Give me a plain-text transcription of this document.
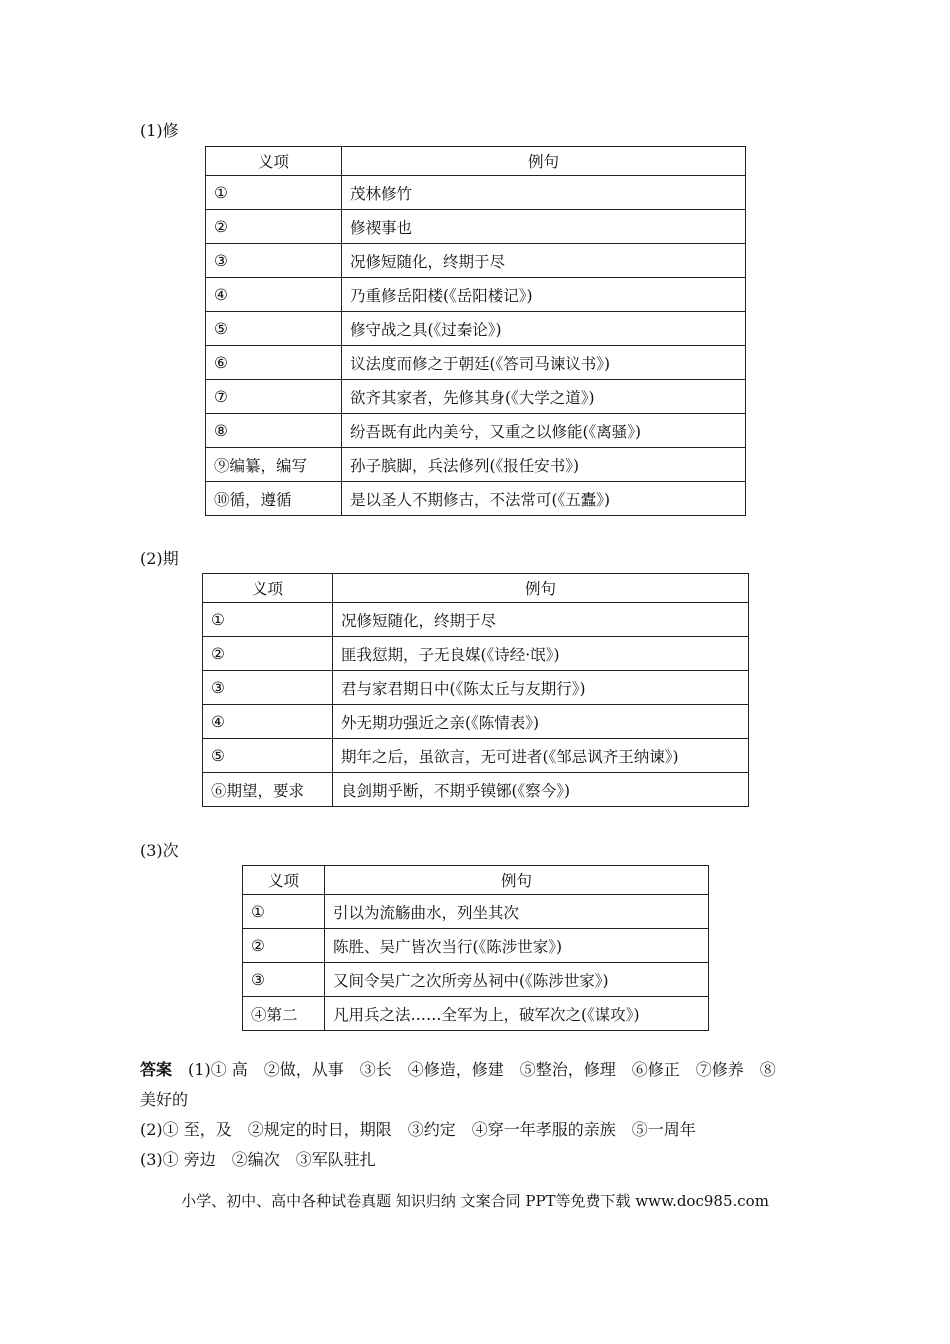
(1)修
义项	例句
①	茂林修竹
②	修禊事也
③	况修短随化，终期于尽
④	乃重修岳阳楼(《岳阳楼记》)
⑤	修守战之具(《过秦论》)
⑥	议法度而修之于朝廷(《答司马谏议书》)
⑦	欲齐其家者，先修其身(《大学之道》)
⑧	纷吾既有此内美兮，又重之以修能(《离骚》)
⑨编纂，编写	孙子膑脚，兵法修列(《报任安书》)
⑩循，遵循	是以圣人不期修古，不法常可(《五蠹》)
(2)期
义项	例句
①	况修短随化，终期于尽
②	匪我愆期，子无良媒(《诗经·氓》)
③	君与家君期日中(《陈太丘与友期行》)
④	外无期功强近之亲(《陈情表》)
⑤	期年之后，虽欲言，无可进者(《邹忌讽齐王纳谏》)
⑥期望，要求	良剑期乎断，不期乎镆铘(《察今》)
(3)次
义项	例句
①	引以为流觞曲水，列坐其次
②	陈胜、吴广皆次当行(《陈涉世家》)
③	又间令吴广之次所旁丛祠中(《陈涉世家》)
④第二	凡用兵之法……全军为上，破军次之(《谋攻》)
答案　 (1)① 高　②做，从事　③长　④修造，修建　⑤整治，修理　⑥修正　⑦修养　⑧
美好的
(2)① 至，及　②规定的时日，期限　③约定　④穿一年孝服的亲族　⑤一周年
(3)① 旁边　②编次　③军队驻扎
小学、初中、高中各种试卷真题 知识归纳 文案合同 PPT等免费下载 www.doc985.com
